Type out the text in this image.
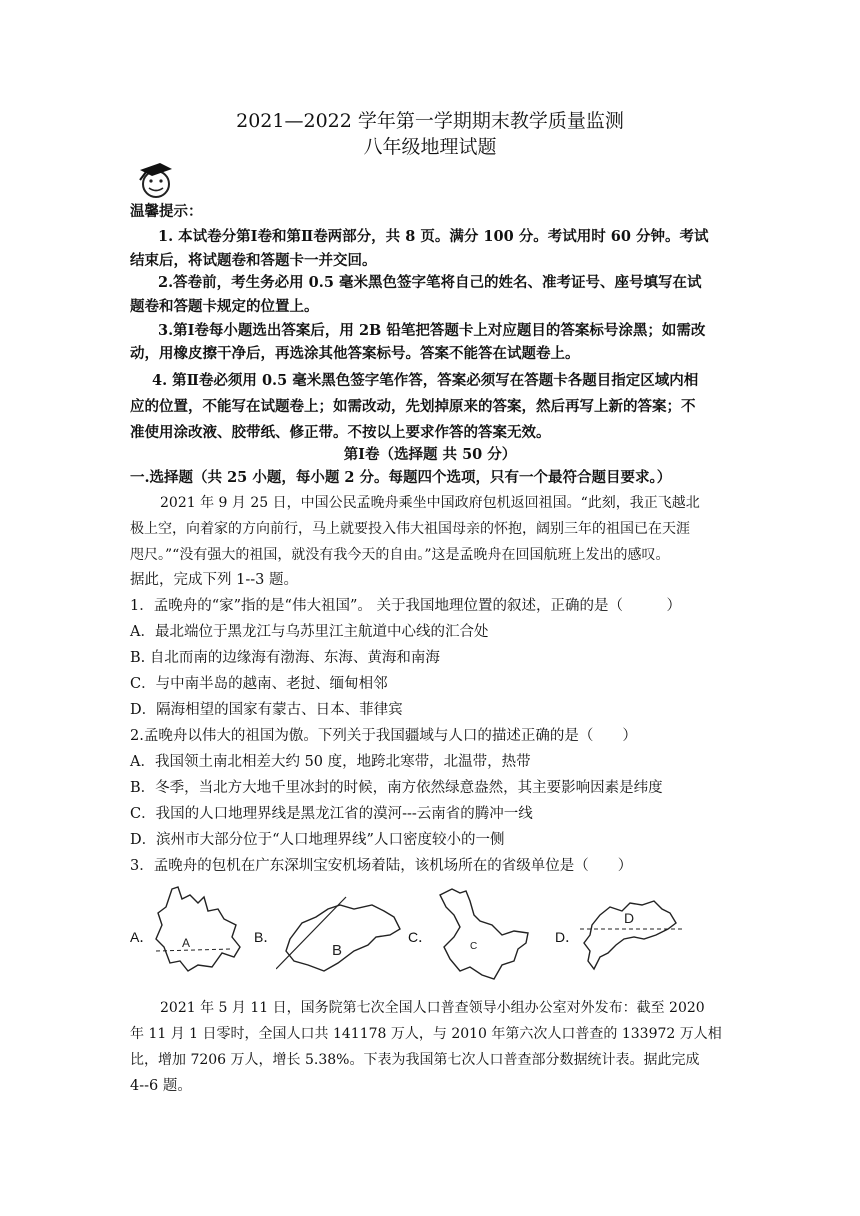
2021—2022 学年第一学期期末教学质量监测
八年级地理试题
温馨提示：
1. 本试卷分第Ⅰ卷和第Ⅱ卷两部分，共 8 页。满分 100 分。考试用时 60 分钟。考试
结束后，将试题卷和答题卡一并交回。
2.答卷前，考生务必用 0.5 毫米黑色签字笔将自己的姓名、准考证号、座号填写在试
题卷和答题卡规定的位置上。
3.第Ⅰ卷每小题选出答案后，用 2B 铅笔把答题卡上对应题目的答案标号涂黑；如需改
动，用橡皮擦干净后，再选涂其他答案标号。答案不能答在试题卷上。
4. 第Ⅱ卷必须用 0.5 毫米黑色签字笔作答，答案必须写在答题卡各题目指定区域内相
应的位置，不能写在试题卷上；如需改动，先划掉原来的答案，然后再写上新的答案；不
准使用涂改液、胶带纸、修正带。不按以上要求作答的答案无效。
第Ⅰ卷（选择题 共 50 分）
一.选择题（共 25 小题，每小题 2 分。每题四个选项，只有一个最符合题目要求。）
2021 年 9 月 25 日，中国公民孟晚舟乘坐中国政府包机返回祖国。“此刻，我正飞越北
极上空，向着家的方向前行，马上就要投入伟大祖国母亲的怀抱，阔别三年的祖国已在天涯
咫尺。”“没有强大的祖国，就没有我今天的自由。”这是孟晚舟在回国航班上发出的感叹。
据此，完成下列 1--3 题。
1．孟晚舟的“家”指的是“伟大祖国”。 关于我国地理位置的叙述，正确的是（　　　）
A．最北端位于黑龙江与乌苏里江主航道中心线的汇合处
B. 自北而南的边缘海有渤海、东海、黄海和南海
C．与中南半岛的越南、老挝、缅甸相邻
D．隔海相望的国家有蒙古、日本、菲律宾
2.孟晚舟以伟大的祖国为傲。下列关于我国疆域与人口的描述正确的是（　　）
A．我国领土南北相差大约 50 度，地跨北寒带，北温带，热带
B．冬季，当北方大地千里冰封的时候，南方依然绿意盎然，其主要影响因素是纬度
C．我国的人口地理界线是黑龙江省的漠河---云南省的腾冲一线
D．滨州市大部分位于“人口地理界线”人口密度较小的一侧
3．孟晚舟的包机在广东深圳宝安机场着陆，该机场所在的省级单位是（　　）
A． A	B．
B
C．
C
D．
D
2021 年 5 月 11 日，国务院第七次全国人口普查领导小组办公室对外发布：截至 2020
年 11 月 1 日零时，全国人口共 141178 万人，与 2010 年第六次人口普查的 133972 万人相
比，增加 7206 万人，增长 5.38%。下表为我国第七次人口普查部分数据统计表。据此完成
4--6 题。
